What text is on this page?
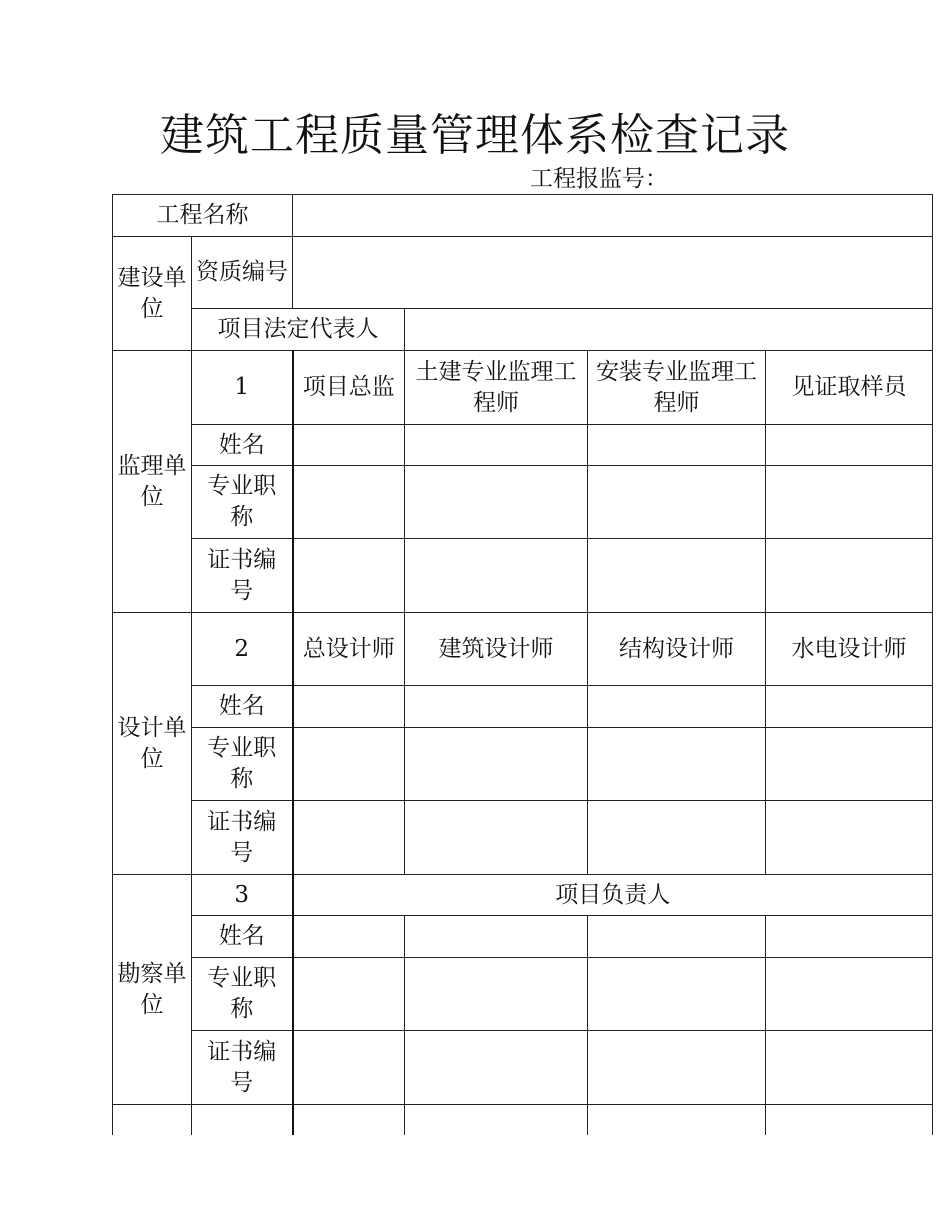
建筑工程质量管理体系检查记录
工程报监号：
工程名称					
建设单位	资质编号				
	项目法定代表人				
监理单位	1	项目总监	土建专业监理工程师	安装专业监理工程师	见证取样员
	姓名				
	专业职称				
	证书编号				
设计单位	2	总设计师	建筑设计师	结构设计师	水电设计师
	姓名				
	专业职称				
	证书编号				
勘察单位	3	项目负责人			
	姓名				
	专业职称				
	证书编号				
